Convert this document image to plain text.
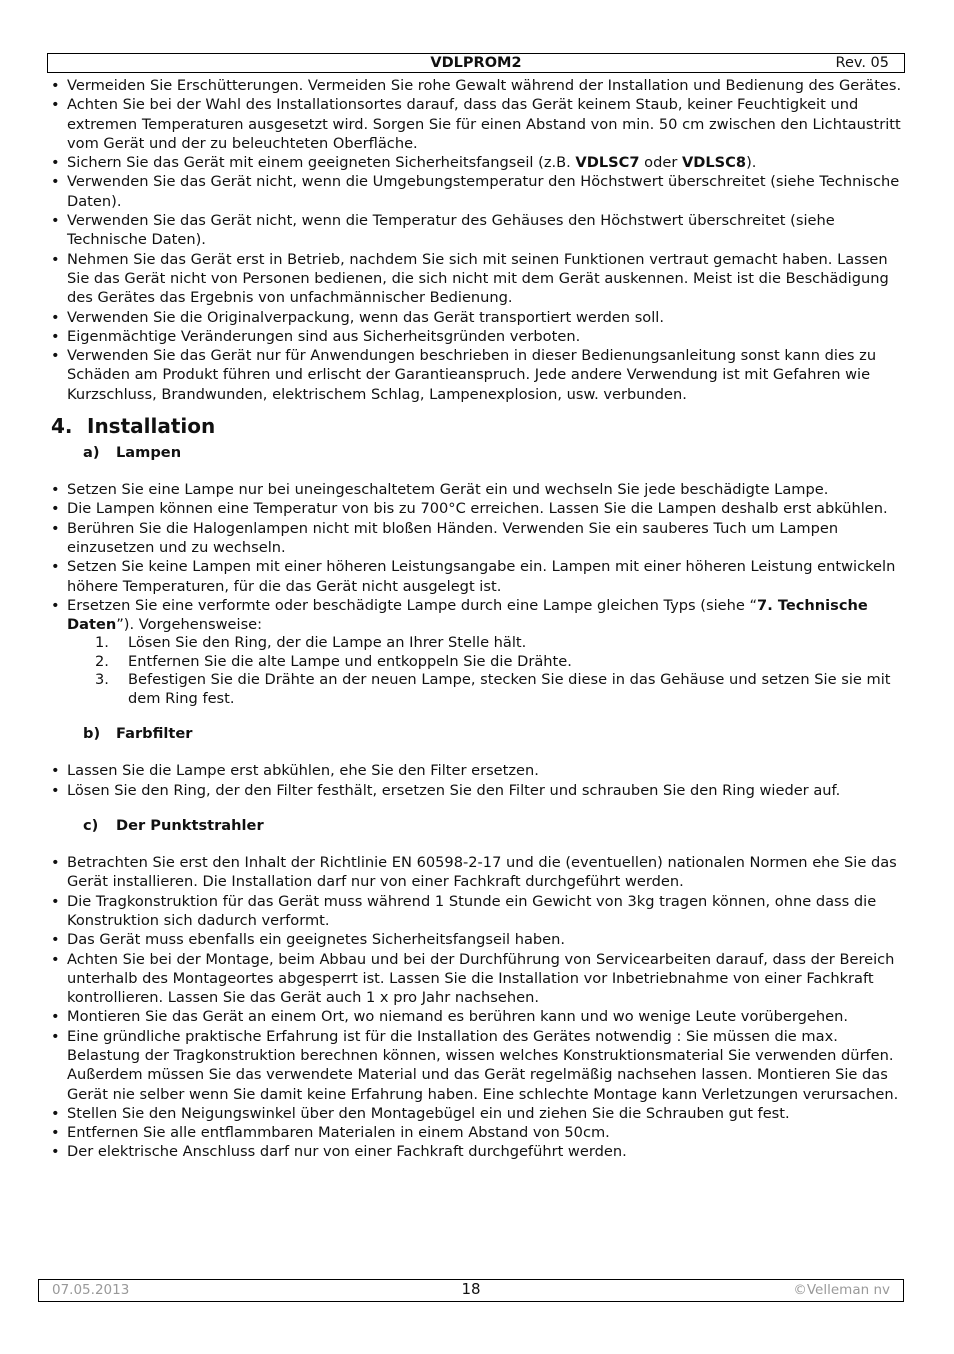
VDLPROM2	Rev. 05
• Vermeiden Sie Erschütterungen. Vermeiden Sie rohe Gewalt während der Installation und Bedienung des Gerätes.
• Achten Sie bei der Wahl des Installationsortes darauf, dass das Gerät keinem Staub, keiner Feuchtigkeit und extremen Temperaturen ausgesetzt wird. Sorgen Sie für einen Abstand von min. 50 cm zwischen den Lichtaustritt vom Gerät und der zu beleuchteten Oberfläche.
• Sichern Sie das Gerät mit einem geeigneten Sicherheitsfangseil (z.B. VDLSC7 oder VDLSC8).
• Verwenden Sie das Gerät nicht, wenn die Umgebungstemperatur den Höchstwert überschreitet (siehe Technische Daten).
• Verwenden Sie das Gerät nicht, wenn die Temperatur des Gehäuses den Höchstwert überschreitet (siehe Technische Daten).
• Nehmen Sie das Gerät erst in Betrieb, nachdem Sie sich mit seinen Funktionen vertraut gemacht haben. Lassen Sie das Gerät nicht von Personen bedienen, die sich nicht mit dem Gerät auskennen. Meist ist die Beschädigung des Gerätes das Ergebnis von unfachmännischer Bedienung.
• Verwenden Sie die Originalverpackung, wenn das Gerät transportiert werden soll.
• Eigenmächtige Veränderungen sind aus Sicherheitsgründen verboten.
• Verwenden Sie das Gerät nur für Anwendungen beschrieben in dieser Bedienungsanleitung sonst kann dies zu Schäden am Produkt führen und erlischt der Garantieanspruch. Jede andere Verwendung ist mit Gefahren wie Kurzschluss, Brandwunden, elektrischem Schlag, Lampenexplosion, usw. verbunden.
4. Installation
a) Lampen
• Setzen Sie eine Lampe nur bei uneingeschaltetem Gerät ein und wechseln Sie jede beschädigte Lampe.
• Die Lampen können eine Temperatur von bis zu 700°C erreichen. Lassen Sie die Lampen deshalb erst abkühlen.
• Berühren Sie die Halogenlampen nicht mit bloßen Händen. Verwenden Sie ein sauberes Tuch um Lampen einzusetzen und zu wechseln.
• Setzen Sie keine Lampen mit einer höheren Leistungsangabe ein. Lampen mit einer höheren Leistung entwickeln höhere Temperaturen, für die das Gerät nicht ausgelegt ist.
• Ersetzen Sie eine verformte oder beschädigte Lampe durch eine Lampe gleichen Typs (siehe “7. Technische Daten”). Vorgehensweise:
1. Lösen Sie den Ring, der die Lampe an Ihrer Stelle hält.
2. Entfernen Sie die alte Lampe und entkoppeln Sie die Drähte.
3. Befestigen Sie die Drähte an der neuen Lampe, stecken Sie diese in das Gehäuse und setzen Sie sie mit dem Ring fest.
b) Farbfilter
• Lassen Sie die Lampe erst abkühlen, ehe Sie den Filter ersetzen.
• Lösen Sie den Ring, der den Filter festhält, ersetzen Sie den Filter und schrauben Sie den Ring wieder auf.
c) Der Punktstrahler
• Betrachten Sie erst den Inhalt der Richtlinie EN 60598-2-17 und die (eventuellen) nationalen Normen ehe Sie das Gerät installieren. Die Installation darf nur von einer Fachkraft durchgeführt werden.
• Die Tragkonstruktion für das Gerät muss während 1 Stunde ein Gewicht von 3kg tragen können, ohne dass die Konstruktion sich dadurch verformt.
• Das Gerät muss ebenfalls ein geeignetes Sicherheitsfangseil haben.
• Achten Sie bei der Montage, beim Abbau und bei der Durchführung von Servicearbeiten darauf, dass der Bereich unterhalb des Montageortes abgesperrt ist. Lassen Sie die Installation vor Inbetriebnahme von einer Fachkraft kontrollieren. Lassen Sie das Gerät auch 1 x pro Jahr nachsehen.
• Montieren Sie das Gerät an einem Ort, wo niemand es berühren kann und wo wenige Leute vorübergehen.
• Eine gründliche praktische Erfahrung ist für die Installation des Gerätes notwendig : Sie müssen die max. Belastung der Tragkonstruktion berechnen können, wissen welches Konstruktionsmaterial Sie verwenden dürfen. Außerdem müssen Sie das verwendete Material und das Gerät regelmäßig nachsehen lassen. Montieren Sie das Gerät nie selber wenn Sie damit keine Erfahrung haben. Eine schlechte Montage kann Verletzungen verursachen.
• Stellen Sie den Neigungswinkel über den Montagebügel ein und ziehen Sie die Schrauben gut fest.
• Entfernen Sie alle entflammbaren Materialen in einem Abstand von 50cm.
• Der elektrische Anschluss darf nur von einer Fachkraft durchgeführt werden.
07.05.2013	18	©Velleman nv
